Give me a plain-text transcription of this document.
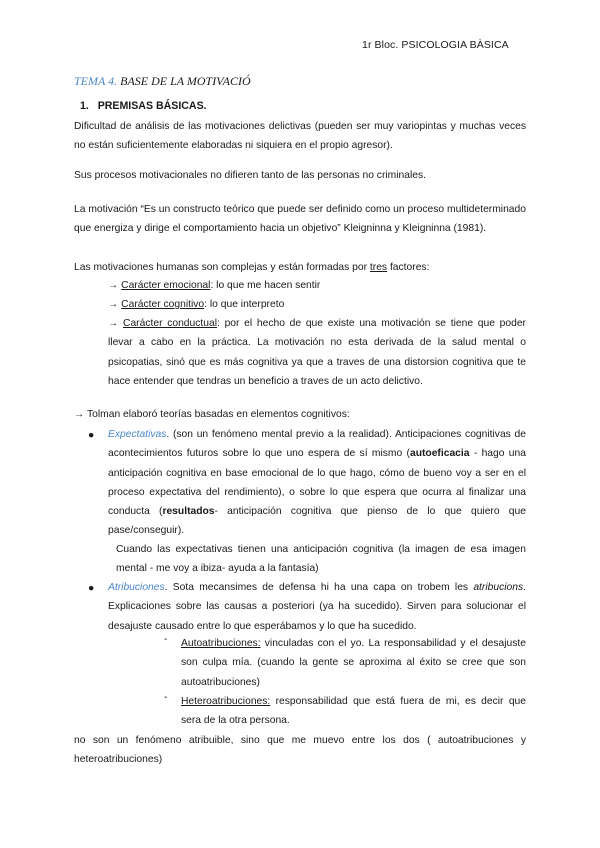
1r Bloc. PSICOLOGIA BÀSICA
TEMA 4. BASE DE LA MOTIVACIÓ
1. PREMISAS BÁSICAS.
Dificultad de análisis de las motivaciones delictivas (pueden ser muy variopintas y muchas veces no están suficientemente elaboradas ni siquiera en el propio agresor).
Sus procesos motivacionales no difieren tanto de las personas no criminales.
La motivación “Es un constructo teórico que puede ser definido como un proceso multideterminado que energiza y dirige el comportamiento hacia un objetivo” Kleigninna y Kleigninna (1981).
Las motivaciones humanas son complejas y están formadas por tres factores:
→ Carácter emocional: lo que me hacen sentir
→ Carácter cognitivo: lo que interpreto
→ Carácter conductual: por el hecho de que existe una motivación se tiene que poder llevar a cabo en la práctica. La motivación no esta derivada de la salud mental o psicopatias, sinó que es más cognitiva ya que a traves de una distorsion cognitiva que te hace entender que tendras un beneficio a traves de un acto delictivo.
→ Tolman elaboró teorías basadas en elementos cognitivos:
● Expectativas. (son un fenómeno mental previo a la realidad). Anticipaciones cognitivas de acontecimientos futuros sobre lo que uno espera de sí mismo (autoeficacia - hago una anticipación cognitiva en base emocional de lo que hago, cómo de bueno voy a ser en el proceso expectativa del rendimiento), o sobre lo que espera que ocurra al finalizar una conducta (resultados- anticipación cognitiva que pienso de lo que quiero que pase/conseguir).
Cuando las expectativas tienen una anticipación cognitiva (la imagen de esa imagen mental - me voy a ibiza- ayuda a la fantasía)
● Atribuciones. Sota mecansimes de defensa hi ha una capa on trobem les atribucions. Explicaciones sobre las causas a posteriori (ya ha sucedido). Sirven para solucionar el desajuste causado entre lo que esperábamos y lo que ha sucedido.
- Autoatribuciones: vinculadas con el yo. La responsabilidad y el desajuste son culpa mía. (cuando la gente se aproxima al éxito se cree que son autoatribuciones)
- Heteroatribuciones: responsabilidad que está fuera de mi, es decir que sera de la otra persona.
no son un fenómeno atribuible, sino que me muevo entre los dos ( autoatribuciones y heteroatribuciones)
